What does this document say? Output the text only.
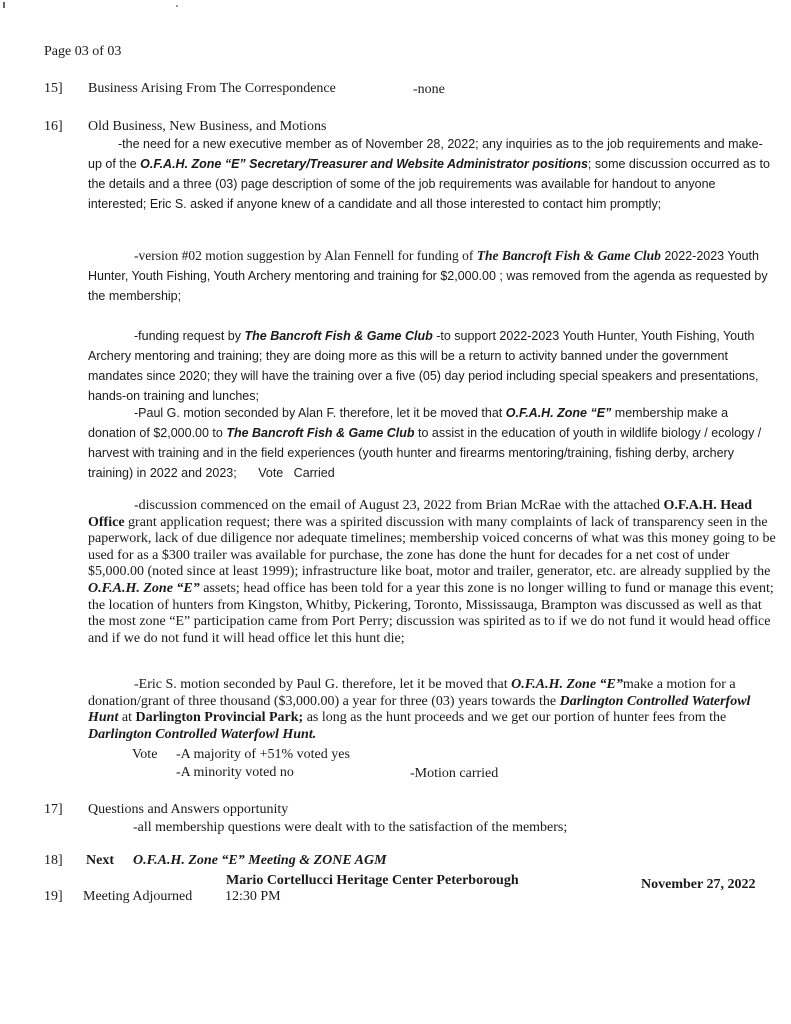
Page 03 of 03
15] Business Arising From The Correspondence	-none
16] Old Business, New Business, and Motions
-the need for a new executive member as of November 28, 2022; any inquiries as to the job requirements and make-up of the O.F.A.H. Zone “E” Secretary/Treasurer and Website Administrator positions; some discussion occurred as to the details and a three (03) page description of some of the job requirements was available for handout to anyone interested; Eric S. asked if anyone knew of a candidate and all those interested to contact him promptly;
-version #02 motion suggestion by Alan Fennell for funding of The Bancroft Fish & Game Club 2022-2023 Youth Hunter, Youth Fishing, Youth Archery mentoring and training for $2,000.00 ; was removed from the agenda as requested by the membership;
-funding request by The Bancroft Fish & Game Club -to support 2022-2023 Youth Hunter, Youth Fishing, Youth Archery mentoring and training; they are doing more as this will be a return to activity banned under the government mandates since 2020; they will have the training over a five (05) day period including special speakers and presentations, hands-on training and lunches;
-Paul G. motion seconded by Alan F. therefore, let it be moved that O.F.A.H. Zone “E” membership make a donation of $2,000.00 to The Bancroft Fish & Game Club to assist in the education of youth in wildlife biology / ecology / harvest with training and in the field experiences (youth hunter and firearms mentoring/training, fishing derby, archery training) in 2022 and 2023; Vote   Carried
-discussion commenced on the email of August 23, 2022 from Brian McRae with the attached O.F.A.H. Head Office grant application request; there was a spirited discussion with many complaints of lack of transparency seen in the paperwork, lack of due diligence nor adequate timelines; membership voiced concerns of what was this money going to be used for as a $300 trailer was available for purchase, the zone has done the hunt for decades for a net cost of under $5,000.00 (noted since at least 1999); infrastructure like boat, motor and trailer, generator, etc. are already supplied by the O.F.A.H. Zone “E” assets; head office has been told for a year this zone is no longer willing to fund or manage this event; the location of hunters from Kingston, Whitby, Pickering, Toronto, Mississauga, Brampton was discussed as well as that the most zone “E” participation came from Port Perry; discussion was spirited as to if we do not fund it would head office and if we do not fund it will head office let this hunt die;
-Eric S. motion seconded by Paul G. therefore, let it be moved that O.F.A.H. Zone “E”make a motion for a donation/grant of three thousand ($3,000.00) a year for three (03) years towards the Darlington Controlled Waterfowl Hunt at Darlington Provincial Park; as long as the hunt proceeds and we get our portion of hunter fees from the Darlington Controlled Waterfowl Hunt.
Vote -A majority of +51% voted yes
-A minority voted no	-Motion carried
17] Questions and Answers opportunity
-all membership questions were dealt with to the satisfaction of the members;
18] Next O.F.A.H. Zone “E” Meeting & ZONE AGM
Mario Cortellucci Heritage Center Peterborough	November 27, 2022
19] Meeting Adjourned 12:30 PM
